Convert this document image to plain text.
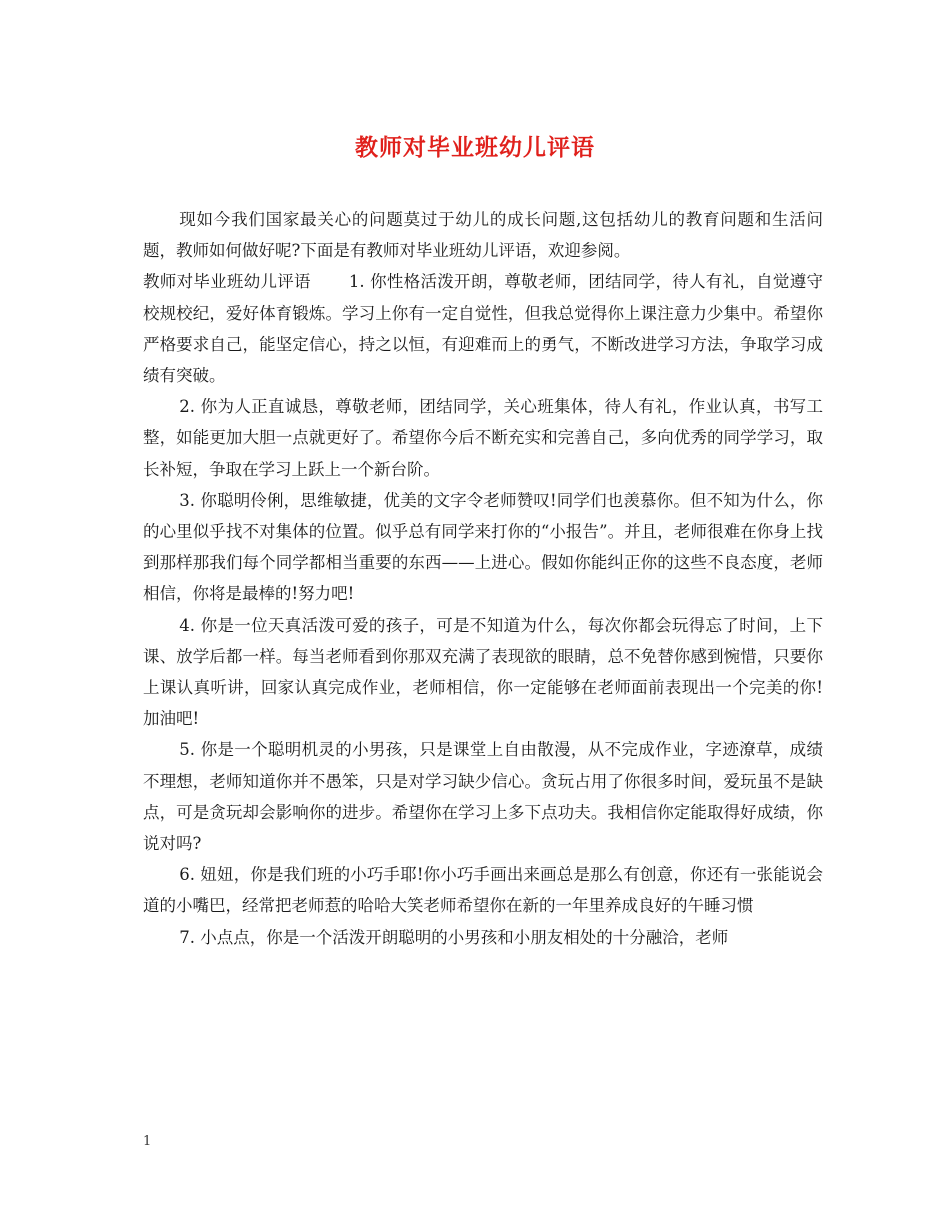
教师对毕业班幼儿评语

现如今我们国家最关心的问题莫过于幼儿的成长问题,这包括幼儿的教育问题和生活问题，教师如何做好呢?下面是有教师对毕业班幼儿评语，欢迎参阅。

教师对毕业班幼儿评语 1. 你性格活泼开朗，尊敬老师，团结同学，待人有礼，自觉遵守校规校纪，爱好体育锻炼。学习上你有一定自觉性，但我总觉得你上课注意力少集中。希望你严格要求自己，能坚定信心，持之以恒，有迎难而上的勇气，不断改进学习方法，争取学习成绩有突破。

2. 你为人正直诚恳，尊敬老师，团结同学，关心班集体，待人有礼，作业认真，书写工整，如能更加大胆一点就更好了。希望你今后不断充实和完善自己，多向优秀的同学学习，取长补短，争取在学习上跃上一个新台阶。

3. 你聪明伶俐，思维敏捷，优美的文字令老师赞叹!同学们也羡慕你。但不知为什么，你的心里似乎找不对集体的位置。似乎总有同学来打你的“小报告”。并且，老师很难在你身上找到那样那我们每个同学都相当重要的东西——上进心。假如你能纠正你的这些不良态度，老师相信，你将是最棒的!努力吧!

4. 你是一位天真活泼可爱的孩子，可是不知道为什么，每次你都会玩得忘了时间，上下课、放学后都一样。每当老师看到你那双充满了表现欲的眼睛，总不免替你感到惋惜，只要你上课认真听讲，回家认真完成作业，老师相信，你一定能够在老师面前表现出一个完美的你!加油吧!

5. 你是一个聪明机灵的小男孩，只是课堂上自由散漫，从不完成作业，字迹潦草，成绩不理想，老师知道你并不愚笨，只是对学习缺少信心。贪玩占用了你很多时间，爱玩虽不是缺点，可是贪玩却会影响你的进步。希望你在学习上多下点功夫。我相信你定能取得好成绩，你说对吗?

6. 妞妞，你是我们班的小巧手耶!你小巧手画出来画总是那么有创意，你还有一张能说会道的小嘴巴，经常把老师惹的哈哈大笑老师希望你在新的一年里养成良好的午睡习惯

7. 小点点，你是一个活泼开朗聪明的小男孩和小朋友相处的十分融洽，老师

1
